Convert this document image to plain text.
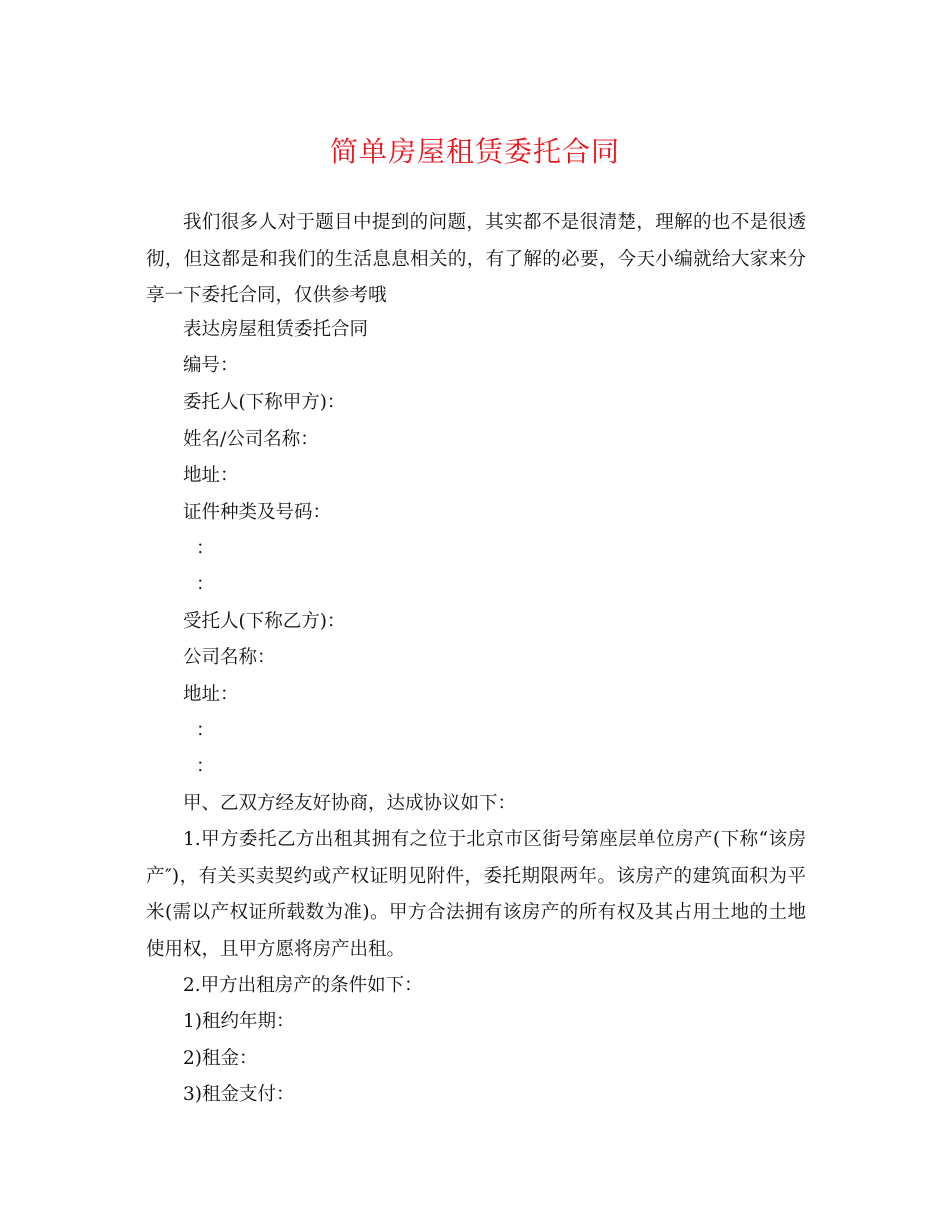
简单房屋租赁委托合同
我们很多人对于题目中提到的问题，其实都不是很清楚，理解的也不是很透彻，但这都是和我们的生活息息相关的，有了解的必要，今天小编就给大家来分享一下委托合同，仅供参考哦
表达房屋租赁委托合同
编号：
委托人(下称甲方)：
姓名/公司名称：
地址：
证件种类及号码：
：
：
受托人(下称乙方)：
公司名称：
地址：
：
：
甲、乙双方经友好协商，达成协议如下：
1.甲方委托乙方出租其拥有之位于北京市区街号第座层单位房产(下称“该房产″)，有关买卖契约或产权证明见附件，委托期限两年。该房产的建筑面积为平米(需以产权证所载数为准)。甲方合法拥有该房产的所有权及其占用土地的土地使用权，且甲方愿将房产出租。
2.甲方出租房产的条件如下：
1)租约年期：
2)租金：
3)租金支付：
